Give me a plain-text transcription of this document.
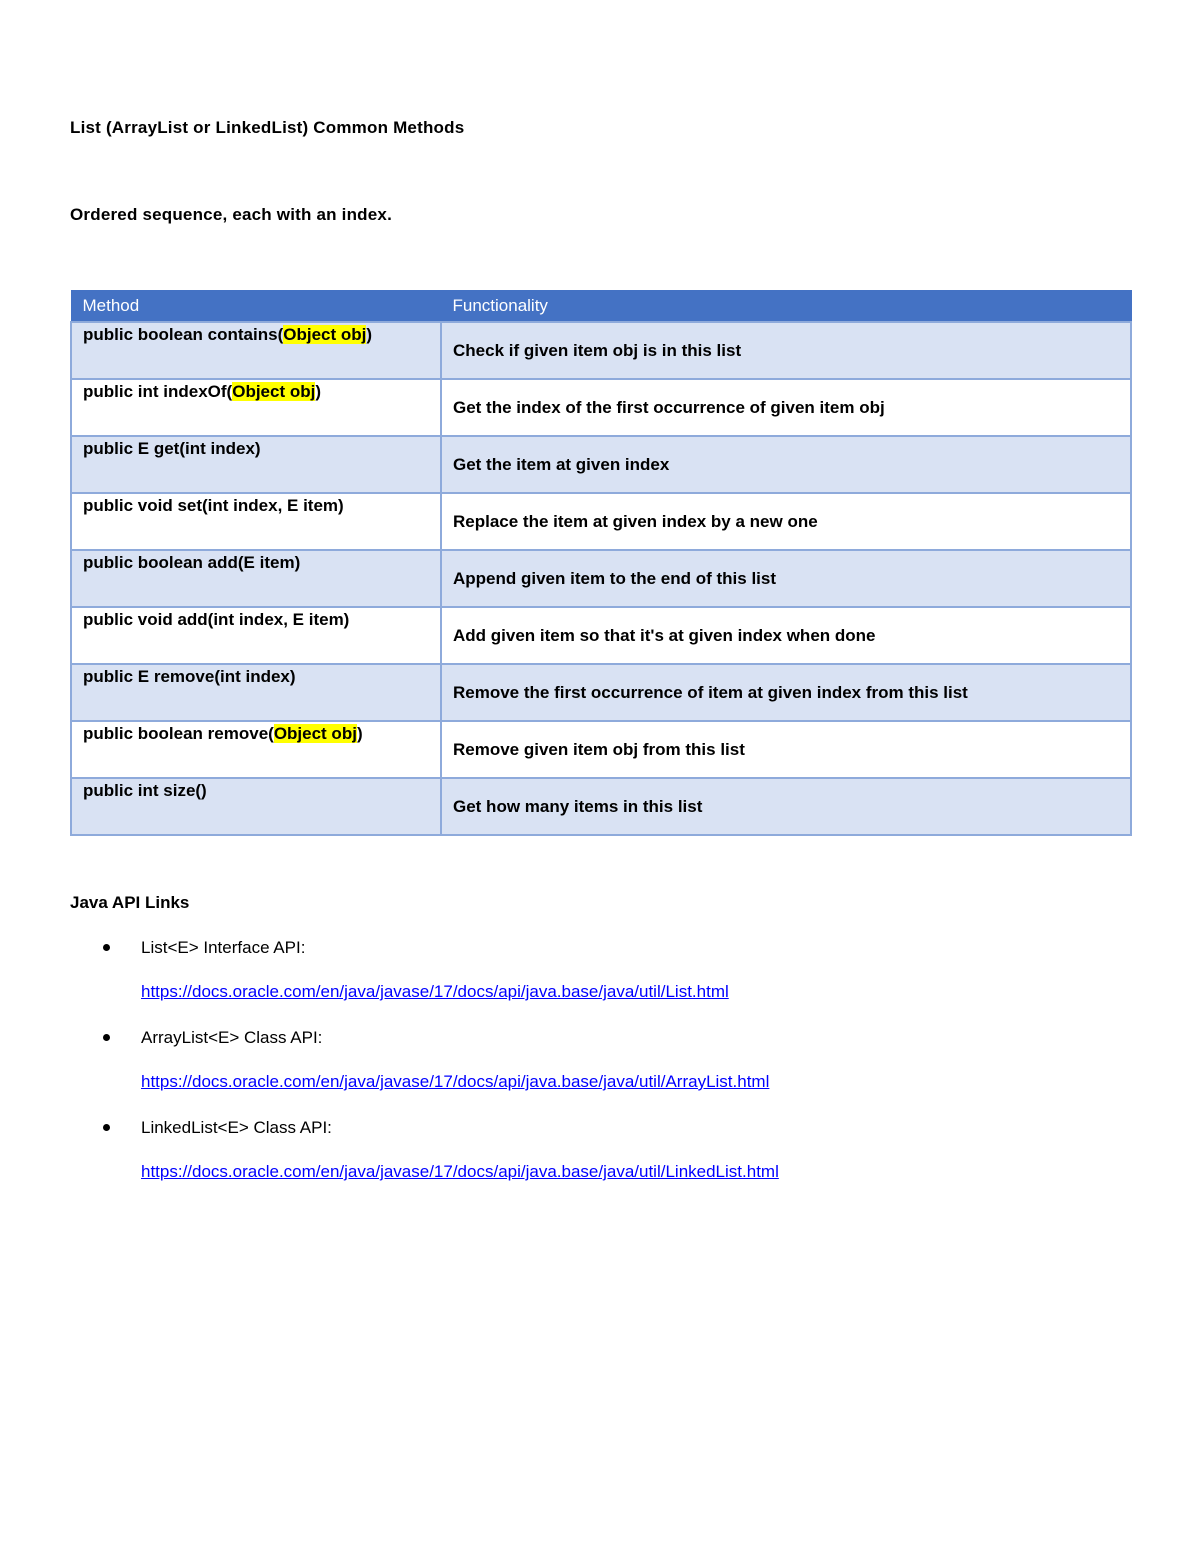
List (ArrayList or LinkedList) Common Methods
Ordered sequence, each with an index.
Method	Functionality
public boolean contains(Object obj)	Check if given item obj is in this list
public int indexOf(Object obj)	Get the index of the first occurrence of given item obj
public E get(int index)	Get the item at given index
public void set(int index, E item)	Replace the item at given index by a new one
public boolean add(E item)	Append given item to the end of this list
public void add(int index, E item)	Add given item so that it's at given index when done
public E remove(int index)	Remove the first occurrence of item at given index from this list
public boolean remove(Object obj)	Remove given item obj from this list
public int size()	Get how many items in this list
Java API Links
List<E> Interface API:
https://docs.oracle.com/en/java/javase/17/docs/api/java.base/java/util/List.html
ArrayList<E> Class API:
https://docs.oracle.com/en/java/javase/17/docs/api/java.base/java/util/ArrayList.html
LinkedList<E> Class API:
https://docs.oracle.com/en/java/javase/17/docs/api/java.base/java/util/LinkedList.html
